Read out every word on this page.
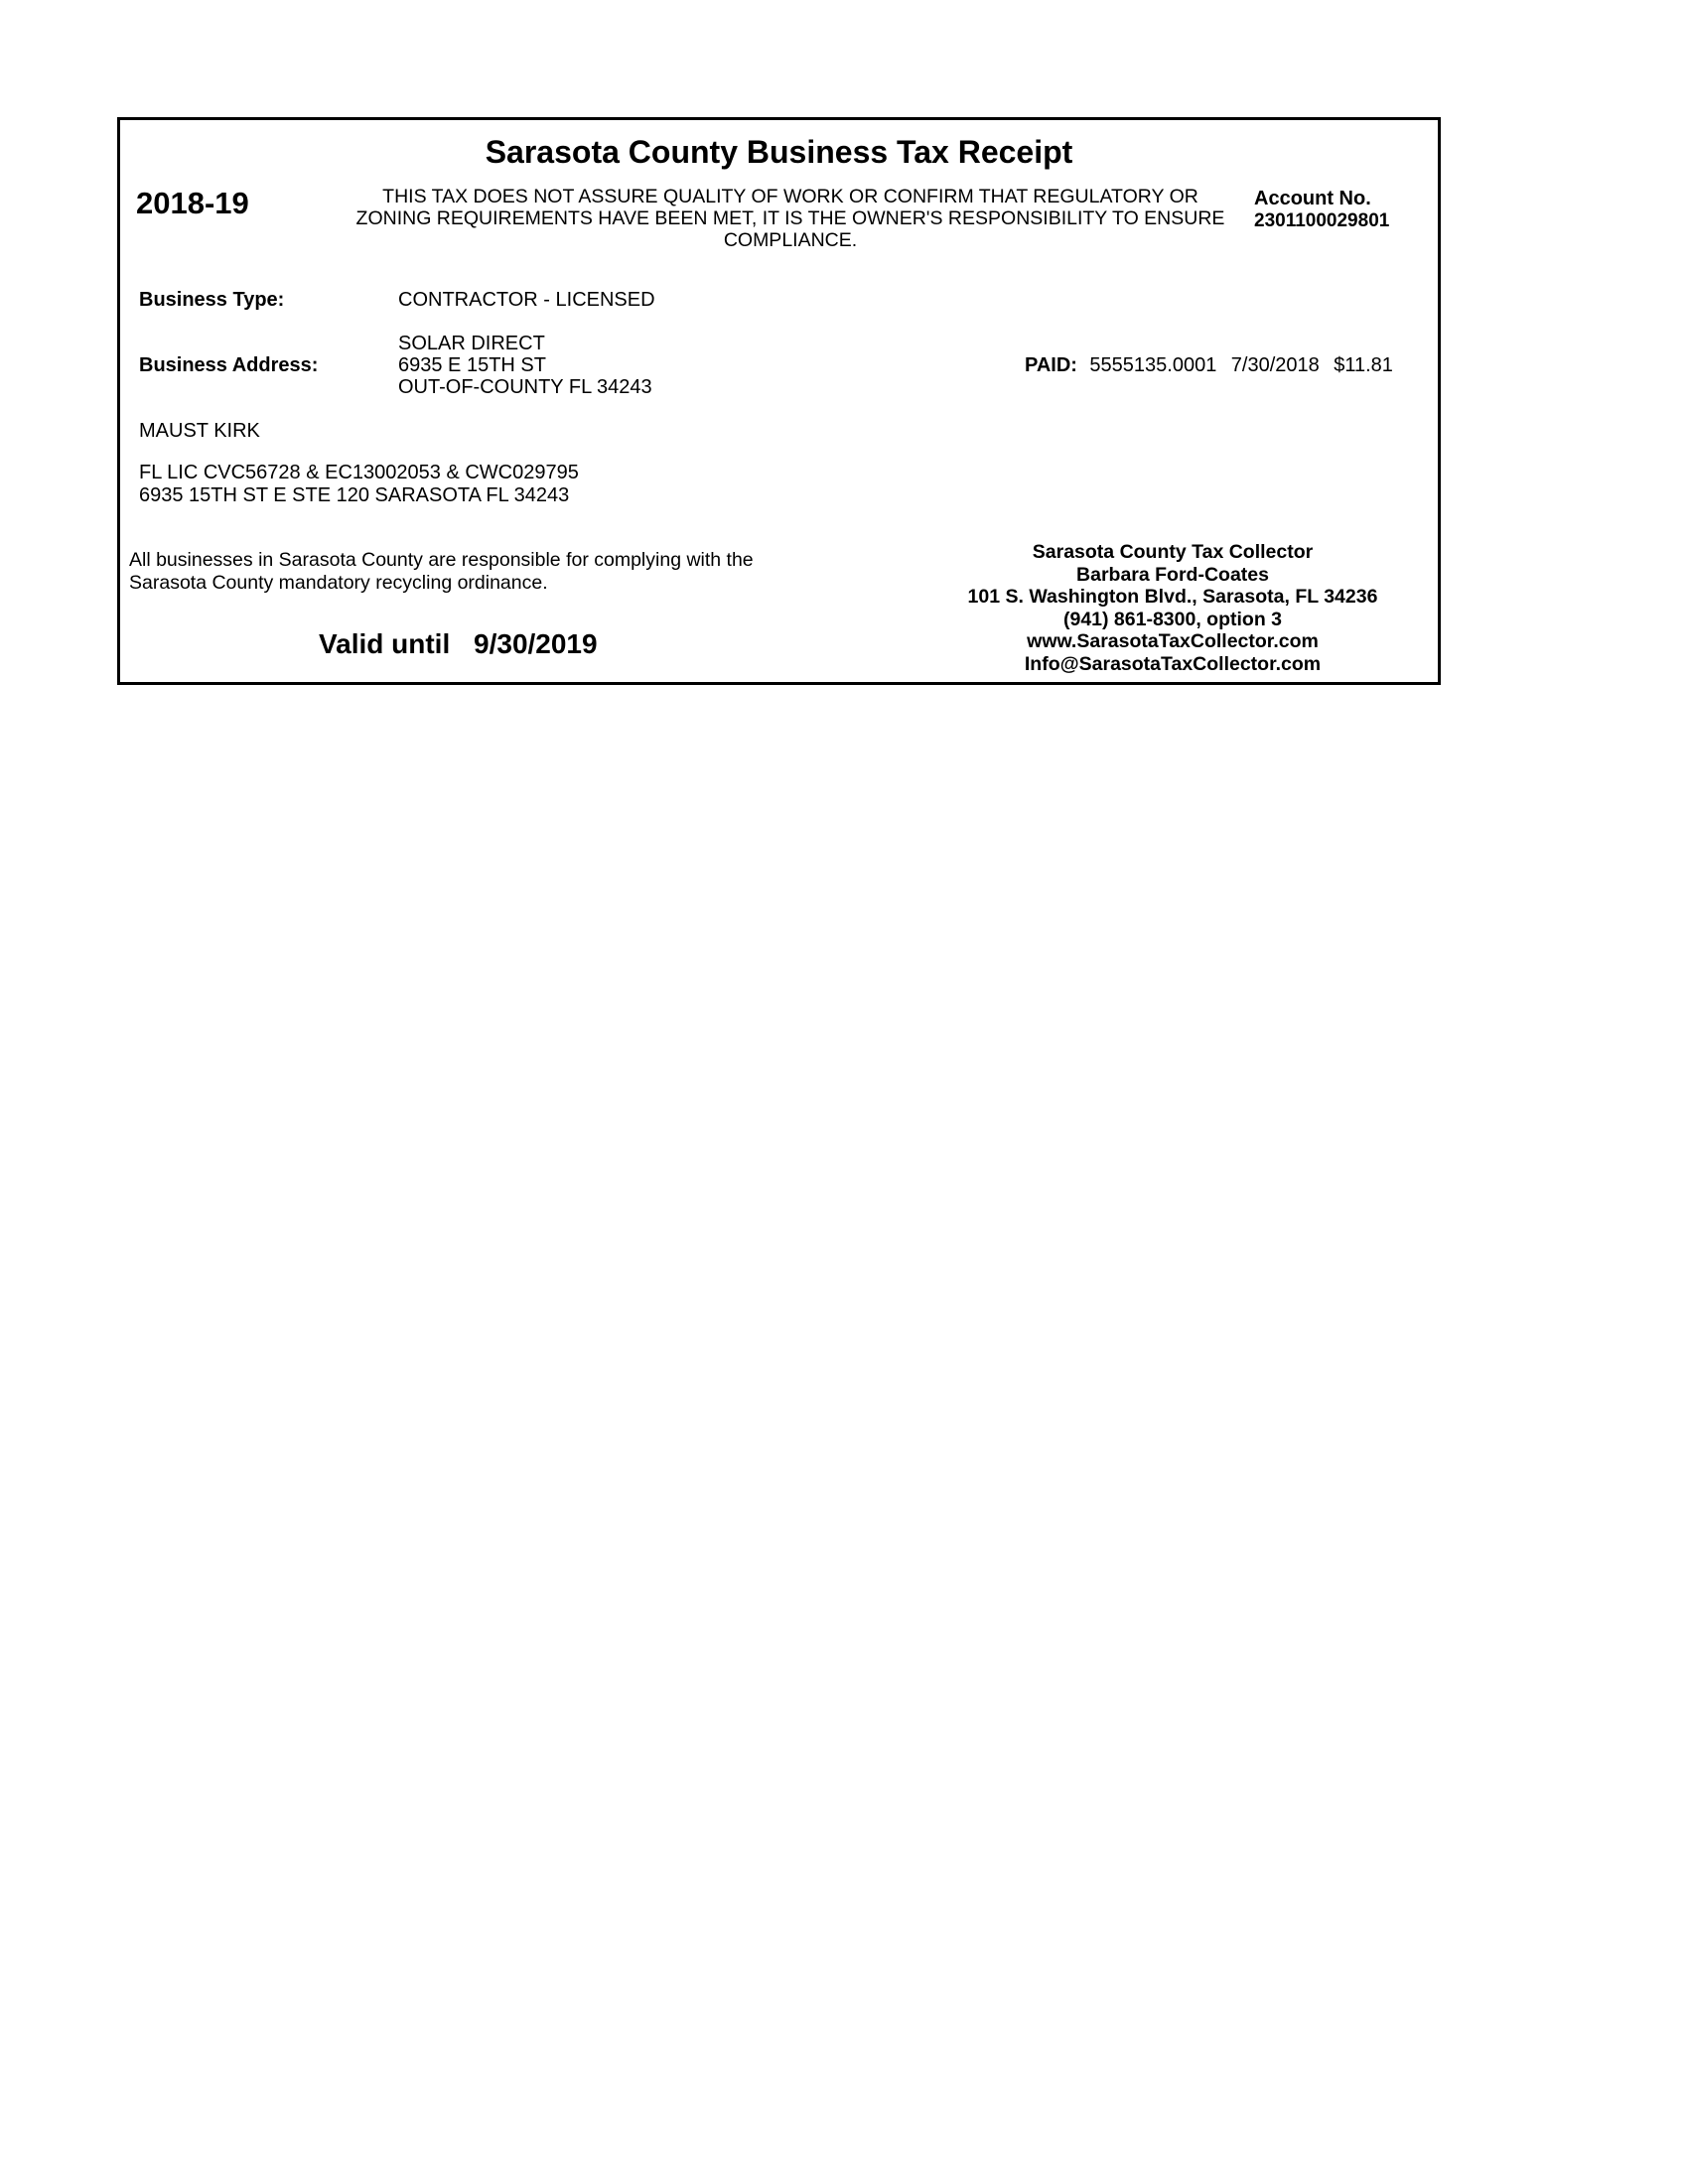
Sarasota County Business Tax Receipt
2018-19	THIS TAX DOES NOT ASSURE QUALITY OF WORK OR CONFIRM THAT REGULATORY OR ZONING REQUIREMENTS HAVE BEEN MET, IT IS THE OWNER'S RESPONSIBILITY TO ENSURE COMPLIANCE.
Account No.
2301100029801
Business Type:	CONTRACTOR - LICENSED
Business Address:
SOLAR DIRECT
6935 E 15TH ST
OUT-OF-COUNTY FL 34243
PAID: 5555135.0001 7/30/2018 $11.81
MAUST KIRK
FL LIC CVC56728 & EC13002053 & CWC029795
6935 15TH ST E STE 120 SARASOTA FL 34243
All businesses in Sarasota County are responsible for complying with the Sarasota County mandatory recycling ordinance.
Valid until 9/30/2019
Sarasota County Tax Collector
Barbara Ford-Coates
101 S. Washington Blvd., Sarasota, FL 34236
(941) 861-8300, option 3
www.SarasotaTaxCollector.com
Info@SarasotaTaxCollector.com
